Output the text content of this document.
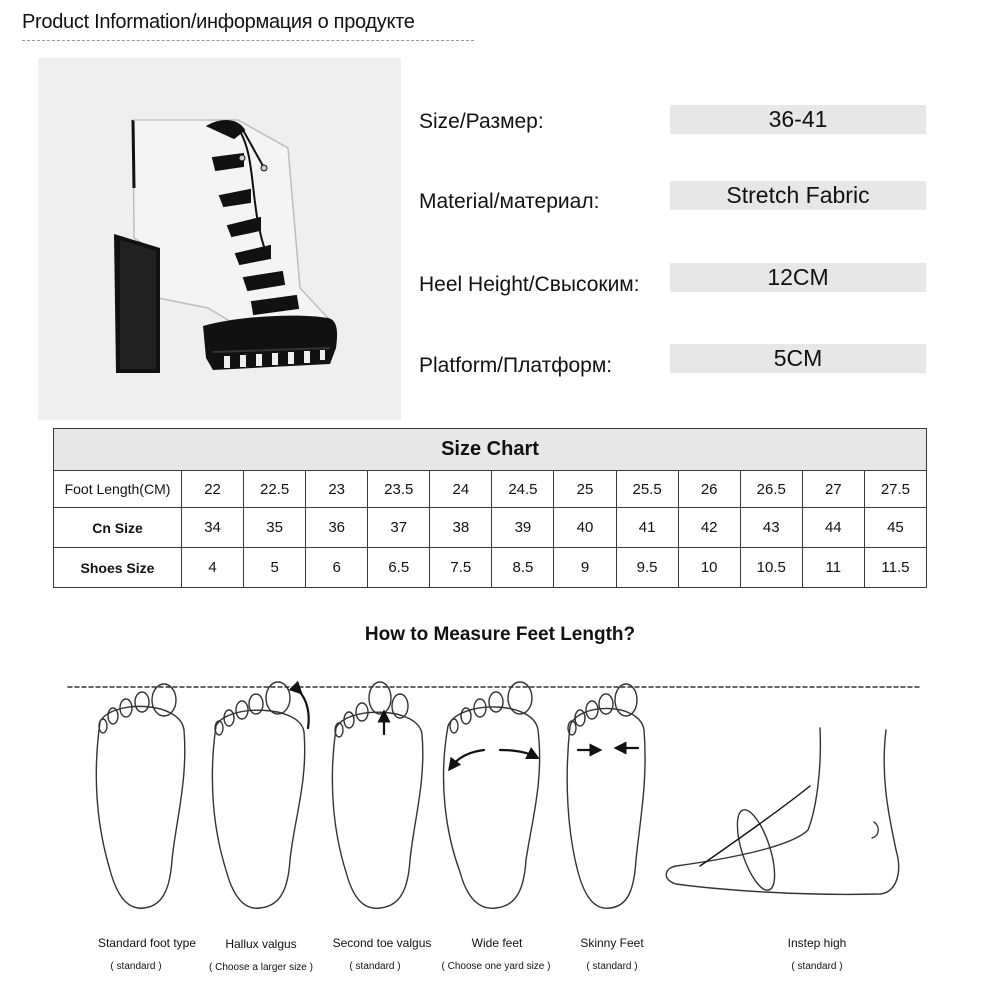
Product Information/информация о продукте
Size/Размер:	36-41
Material/материал:	Stretch Fabric
Heel Height/Свысоким:	12CM
Platform/Платформ:	5CM
Size Chart												
Foot Length(CM)	22	22.5	23	23.5	24	24.5	25	25.5	26	26.5	27	27.5
Cn Size	34	35	36	37	38	39	40	41	42	43	44	45
Shoes Size	4	5	6	6.5	7.5	8.5	9	9.5	10	10.5	11	11.5
How to Measure Feet Length?
Standard foot type
( standard )
Hallux valgus
( Choose a larger size )
Second toe valgus
( standard )
Wide feet
( Choose one yard size )
Skinny Feet
( standard )
Instep high
( standard )
